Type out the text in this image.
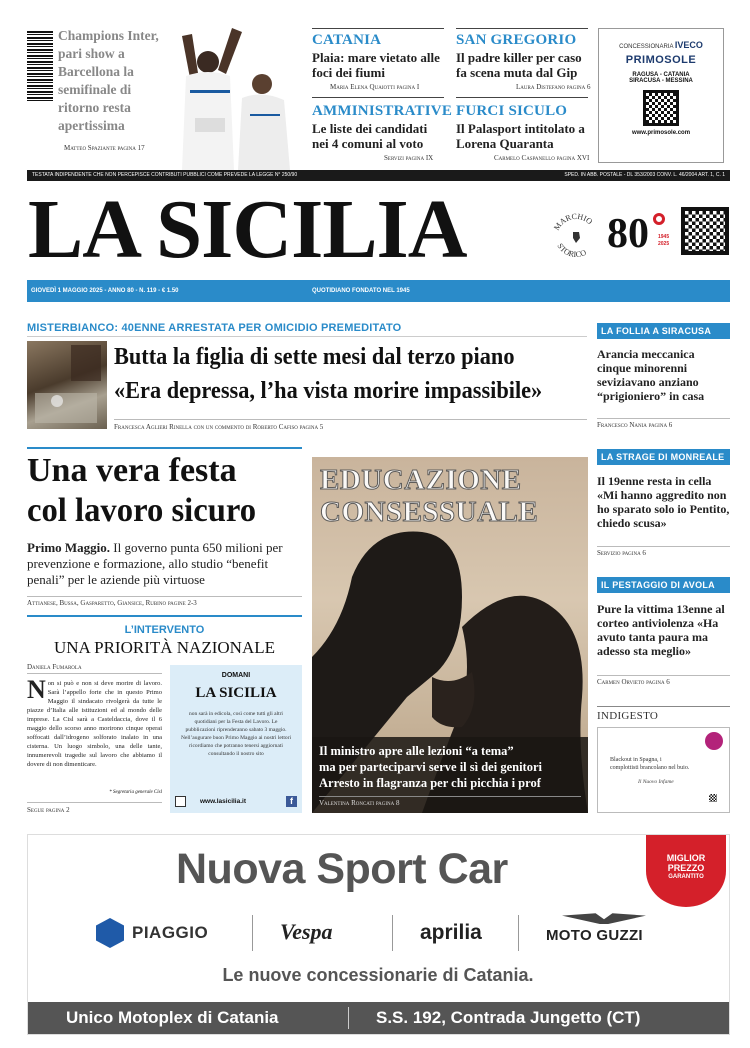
Champions Inter, pari show a Barcellona la semifinale di ritorno resta apertissima
Matteo Spaziante pagina 17
CATANIA
Plaia: mare vietato alle foci dei fiumi
Maria Elena Quaiotti pagina I
SAN GREGORIO
Il padre killer per caso fa scena muta dal Gip
Laura Distefano pagina 6
AMMINISTRATIVE
Le liste dei candidati nei 4 comuni al voto
Servizi pagina IX
FURCI SICULO
Il Palasport intitolato a Lorena Quaranta
Carmelo Caspanello pagina XVI
CONCESSIONARIA IVECO
PRIMOSOLE
RAGUSA - CATANIA
SIRACUSA - MESSINA
www.primosole.com
TESTATA INDIPENDENTE CHE NON PERCEPISCE CONTRIBUTI PUBBLICI COME PREVEDE LA LEGGE N° 250/90	SPED. IN ABB. POSTALE - DL 353/2003 CONV. L. 46/2004 ART. 1, C. 1
LA SICILIA	MARCHIO
STORICO 80 1945
2025
GIOVEDÌ 1 MAGGIO 2025 - ANNO 80 - N. 119 - € 1.50	QUOTIDIANO FONDATO NEL 1945
MISTERBIANCO: 40ENNE ARRESTATA PER OMICIDIO PREMEDITATO
Butta la figlia di sette mesi dal terzo piano
«Era depressa, l’ha vista morire impassibile»
Francesca Aglieri Rinella con un commento di Roberto Cafiso pagina 5
Una vera festa
col lavoro sicuro
Primo Maggio. Il governo punta 650 milioni per prevenzione e formazione, allo studio “benefit penali” per le aziende più virtuose
Attianese, Bussa, Gasparetto, Giansice, Rubino pagine 2-3
L’INTERVENTO
UNA PRIORITÀ NAZIONALE
Daniela Fumarola
Non si può e non si deve morire di lavoro. Sarà l’appello forte che in questo Primo Maggio il sindacato rivolgerà da tutte le piazze d’Italia alle istituzioni ed al mondo delle imprese. La Cisl sarà a Casteldaccia, dove il 6 maggio dello scorso anno morirono cinque operai soffocati dall’idrogeno solforato inalato in una cisterna. Un luogo simbolo, una delle tante, innumerevoli tragedie sul lavoro che abbiamo il dovere di non dimenticare.
* Segretaria generale Cisl
Segue pagina 2
DOMANI
LA SICILIA
non sarà in edicola, così come tutti gli altri quotidiani per la Festa del Lavoro. Le pubblicazioni riprenderanno sabato 3 maggio. Nell’augurare buon Primo Maggio ai nostri lettori ricordiamo che potranno tenersi aggiornati consultando il nostro sito
www.lasicilia.it	f
EDUCAZIONE
CONSESSUALE
Il ministro apre alle lezioni “a tema”
ma per parteciparvi serve il sì dei genitori
Arresto in flagranza per chi picchia i prof
Valentina Roncati pagina 8
LA FOLLIA A SIRACUSA
Arancia meccanica cinque minorenni seviziavano anziano “prigioniero” in casa
Francesco Nania pagina 6
LA STRAGE DI MONREALE
Il 19enne resta in cella «Mi hanno aggredito non ho sparato solo io Pentito, chiedo scusa»
Servizio pagina 6
IL PESTAGGIO DI AVOLA
Pure la vittima 13enne al corteo antiviolenza «Ha avuto tanta paura ma adesso sta meglio»
Carmen Orvieto pagina 6
INDIGESTO
Blackout in Spagna, i complottisti brancolano nel buio.
Il Nuovo Infame
Nuova Sport Car	MIGLIOR
PREZZO
GARANTITO
PIAGGIO	Vespa	aprilia	MOTO GUZZI
Le nuove concessionarie di Catania.
Unico Motoplex di Catania	S.S. 192, Contrada Jungetto (CT)
